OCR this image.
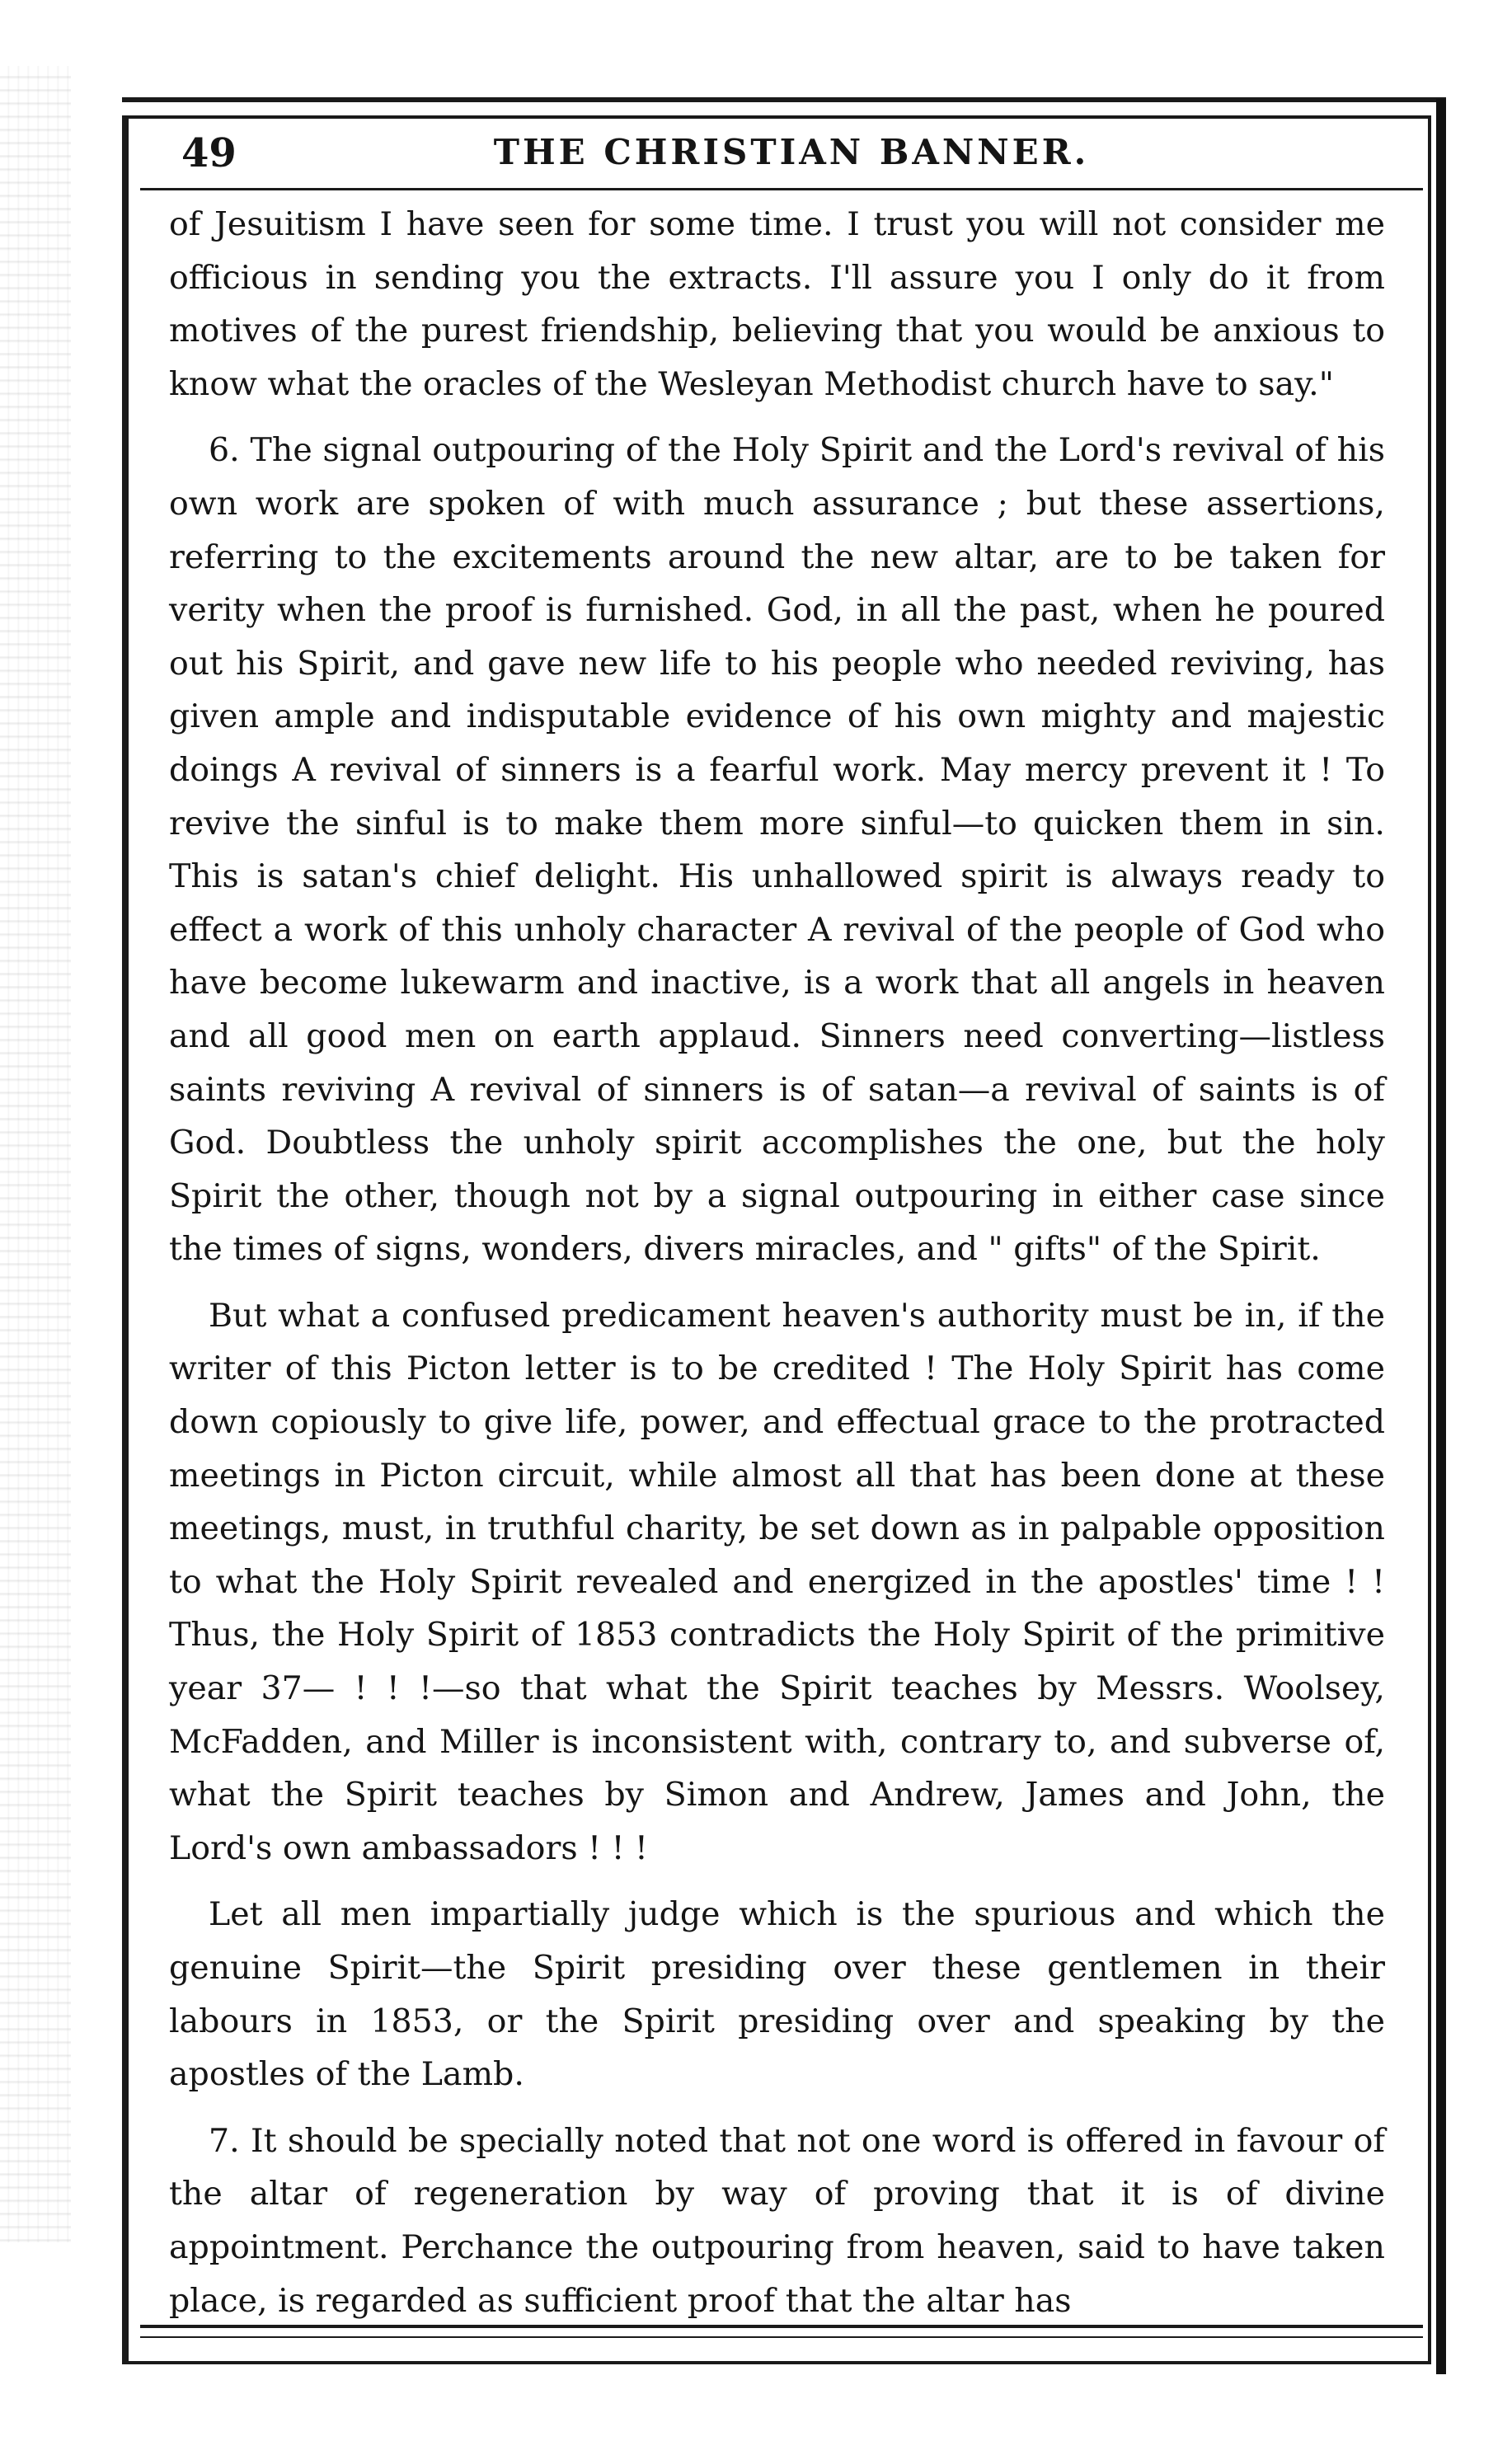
49	THE CHRISTIAN BANNER.

of Jesuitism I have seen for some time. I trust you will not consider me officious in sending you the extracts. I'll assure you I only do it from motives of the purest friendship, believing that you would be anxious to know what the oracles of the Wesleyan Methodist church have to say."

6. The signal outpouring of the Holy Spirit and the Lord's revival of his own work are spoken of with much assurance ; but these assertions, referring to the excitements around the new altar, are to be taken for verity when the proof is furnished. God, in all the past, when he poured out his Spirit, and gave new life to his people who needed reviving, has given ample and indisputable evidence of his own mighty and majestic doings A revival of sinners is a fearful work. May mercy prevent it ! To revive the sinful is to make them more sinful—to quicken them in sin. This is satan's chief delight. His unhallowed spirit is always ready to effect a work of this unholy character A revival of the people of God who have become lukewarm and inactive, is a work that all angels in heaven and all good men on earth applaud. Sinners need converting—listless saints reviving A revival of sinners is of satan—a revival of saints is of God. Doubtless the unholy spirit accomplishes the one, but the holy Spirit the other, though not by a signal outpouring in either case since the times of signs, wonders, divers miracles, and " gifts" of the Spirit.

But what a confused predicament heaven's authority must be in, if the writer of this Picton letter is to be credited ! The Holy Spirit has come down copiously to give life, power, and effectual grace to the protracted meetings in Picton circuit, while almost all that has been done at these meetings, must, in truthful charity, be set down as in palpable opposition to what the Holy Spirit revealed and energized in the apostles' time ! ! Thus, the Holy Spirit of 1853 contradicts the Holy Spirit of the primitive year 37— ! ! !—so that what the Spirit teaches by Messrs. Woolsey, McFadden, and Miller is inconsistent with, contrary to, and subverse of, what the Spirit teaches by Simon and Andrew, James and John, the Lord's own ambassadors ! ! !

Let all men impartially judge which is the spurious and which the genuine Spirit—the Spirit presiding over these gentlemen in their labours in 1853, or the Spirit presiding over and speaking by the apostles of the Lamb.

7. It should be specially noted that not one word is offered in favour of the altar of regeneration by way of proving that it is of divine appointment. Perchance the outpouring from heaven, said to have taken place, is regarded as sufficient proof that the altar has
